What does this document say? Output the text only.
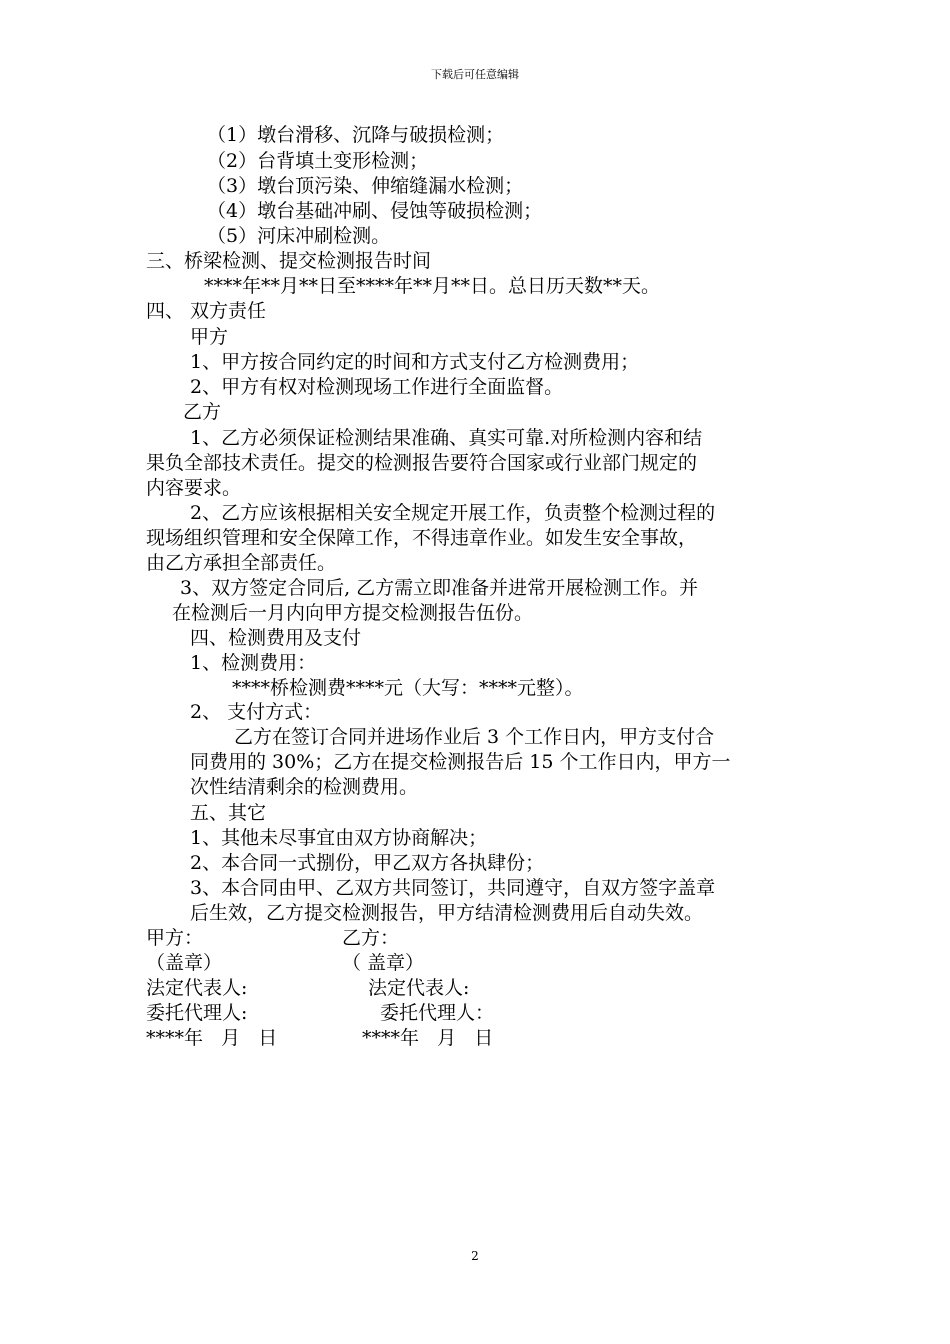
下载后可任意编辑
（1）墩台滑移、沉降与破损检测；
（2）台背填土变形检测；
（3）墩台顶污染、伸缩缝漏水检测；
（4）墩台基础冲刷、侵蚀等破损检测；
（5）河床冲刷检测。
三、桥梁检测、提交检测报告时间
****年**月**日至****年**月**日。总日历天数**天。
四、 双方责任
甲方
1、甲方按合同约定的时间和方式支付乙方检测费用；
2、甲方有权对检测现场工作进行全面监督。
乙方
1、乙方必须保证检测结果准确、真实可靠.对所检测内容和结
果负全部技术责任。提交的检测报告要符合国家或行业部门规定的
内容要求。
2、乙方应该根据相关安全规定开展工作，负责整个检测过程的
现场组织管理和安全保障工作，不得违章作业。如发生安全事故，
由乙方承担全部责任。
3、双方签定合同后, 乙方需立即准备并进常开展检测工作。并
在检测后一月内向甲方提交检测报告伍份。
四、检测费用及支付
1、检测费用：
****桥检测费****元（大写：****元整）。
2、 支付方式：
乙方在签订合同并进场作业后 3 个工作日内，甲方支付合
同费用的 30%；乙方在提交检测报告后 15 个工作日内，甲方一
次性结清剩余的检测费用。
五、其它
1、其他未尽事宜由双方协商解决；
2、本合同一式捌份，甲乙双方各执肆份；
3、本合同由甲、乙双方共同签订，共同遵守，自双方签字盖章
后生效，乙方提交检测报告，甲方结清检测费用后自动失效。
甲方：	乙方：
（盖章）	（ 盖章）
法定代表人:	法定代表人:
委托代理人:	委托代理人：
****年   月   日	****年   月   日
2
